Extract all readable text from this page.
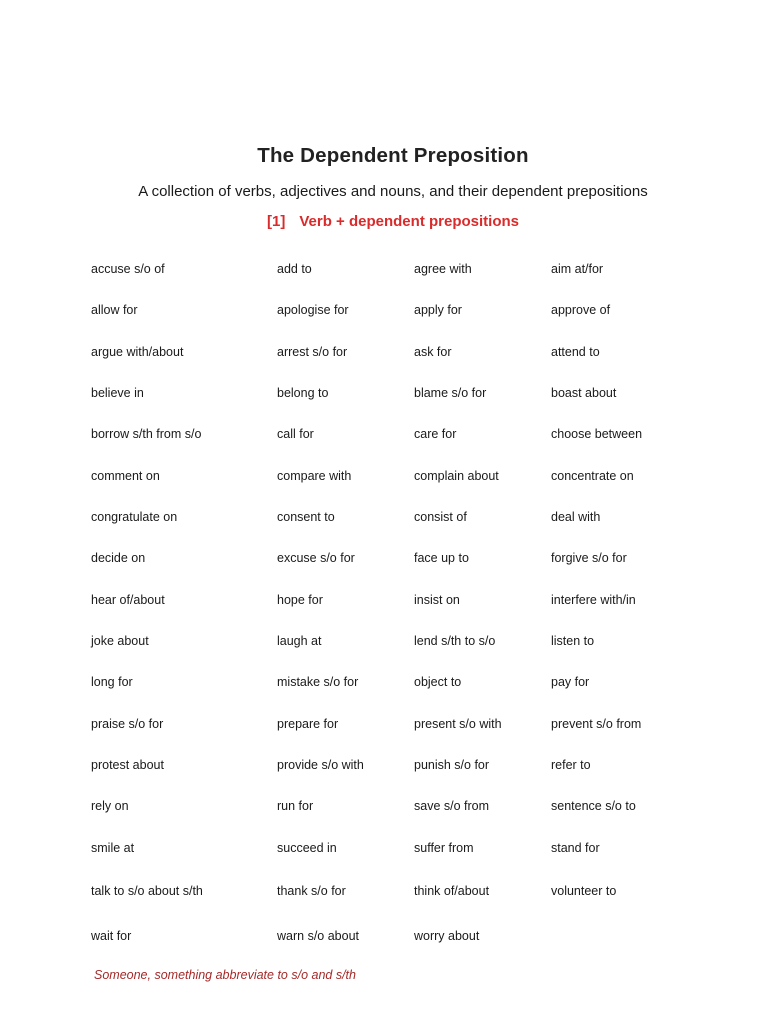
The Dependent Preposition
A collection of verbs, adjectives and nouns, and their dependent prepositions
[1] Verb + dependent prepositions
accuse s/o of	add to	agree with	aim at/for
allow for	apologise for	apply for	approve of
argue with/about	arrest s/o for	ask for	attend to
believe in	belong to	blame s/o for	boast about
borrow s/th from s/o	call for	care for	choose between
comment on	compare with	complain about	concentrate on
congratulate on	consent to	consist of	deal with
decide on	excuse s/o for	face up to	forgive s/o for
hear of/about	hope for	insist on	interfere with/in
joke about	laugh at	lend s/th to s/o	listen to
long for	mistake s/o for	object to	pay for
praise s/o for	prepare for	present s/o with	prevent s/o from
protest about	provide s/o with	punish s/o for	refer to
rely on	run for	save s/o from	sentence s/o to
smile at	succeed in	suffer from	stand for
talk to s/o about s/th	thank s/o for	think of/about	volunteer to
wait for	warn s/o about	worry about
Someone, something abbreviate to s/o and s/th
